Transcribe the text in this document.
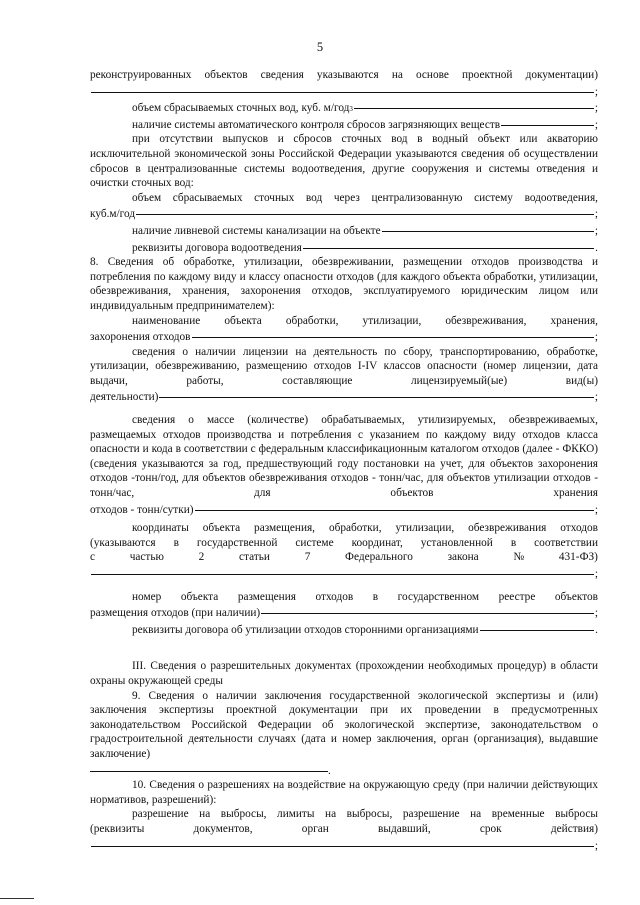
5

реконструированных объектов сведения указываются на основе проектной документации)

;
объем сбрасываемых сточных вод, куб. м/год 3	;
наличие системы автоматического контроля сбросов загрязняющих веществ	;

при отсутствии выпусков и сбросов сточных вод в водный объект или акваторию исключительной экономической зоны Российской Федерации указываются сведения об осуществлении сбросов в централизованные системы водоотведения, другие сооружения и системы отведения и очистки сточных вод:

объем сбрасываемых сточных вод через централизованную систему водоотведения,

куб.м/год	;
наличие ливневой системы канализации на объекте	;
реквизиты договора водоотведения	.

8. Сведения об обработке, утилизации, обезвреживании, размещении отходов производства и потребления по каждому виду и классу опасности отходов (для каждого объекта обработки, утилизации, обезвреживания, хранения, захоронения отходов, эксплуатируемого юридическим лицом или индивидуальным предпринимателем):

наименование объекта обработки, утилизации, обезвреживания, хранения,

захоронения отходов	;

сведения о наличии лицензии на деятельность по сбору, транспортированию, обработке, утилизации, обезвреживанию, размещению отходов I-IV классов опасности (номер лицензии, дата выдачи, работы, составляющие лицензируемый(ые) вид(ы)

деятельности)	;

сведения о массе (количестве) обрабатываемых, утилизируемых, обезвреживаемых, размещаемых отходов производства и потребления с указанием по каждому виду отходов класса опасности и кода в соответствии с федеральным классификационным каталогом отходов (далее - ФККО) (сведения указываются за год, предшествующий году постановки на учет, для объектов захоронения отходов -тонн/год, для объектов обезвреживания отходов - тонн/час, для объектов утилизации отходов - тонн/час, для объектов хранения

отходов - тонн/сутки)	;

координаты объекта размещения, обработки, утилизации, обезвреживания отходов (указываются в государственной системе координат, установленной в соответствии

с	частью	2	статьи	7	Федерального	закона	№	431-ФЗ)
;

номер объекта размещения отходов в государственном реестре объектов

размещения отходов (при наличии)	;
реквизиты договора об утилизации отходов сторонними организациями	.

III. Сведения о разрешительных документах (прохождении необходимых процедур) в области охраны окружающей среды

9. Сведения о наличии заключения государственной экологической экспертизы и (или) заключения экспертизы проектной документации при их проведении в предусмотренных законодательством Российской Федерации об экологической экспертизе, законодательством о градостроительной деятельности случаях (дата и номер заключения, орган (организация), выдавшие заключение)

.

10. Сведения о разрешениях на воздействие на окружающую среду (при наличии действующих нормативов, разрешений):

разрешение на выбросы, лимиты на выбросы, разрешение на временные выбросы

(реквизиты документов, орган выдавший, срок действия)

;
